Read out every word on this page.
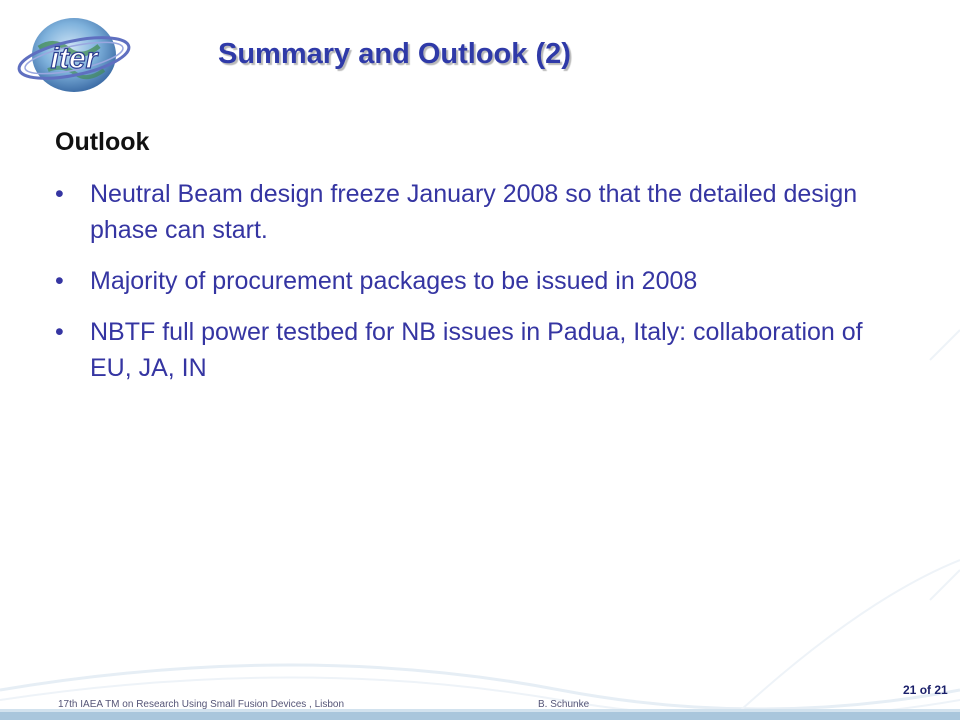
iter	Summary and Outlook (2)
Outlook
• Neutral Beam design freeze January 2008 so that the detailed design phase can start.
• Majority of procurement packages to be issued in 2008
• NBTF full power testbed for NB issues in Padua, Italy: collaboration of EU, JA, IN
17th IAEA TM on Research Using Small Fusion Devices , Lisbon	B. Schunke
21 of 21
